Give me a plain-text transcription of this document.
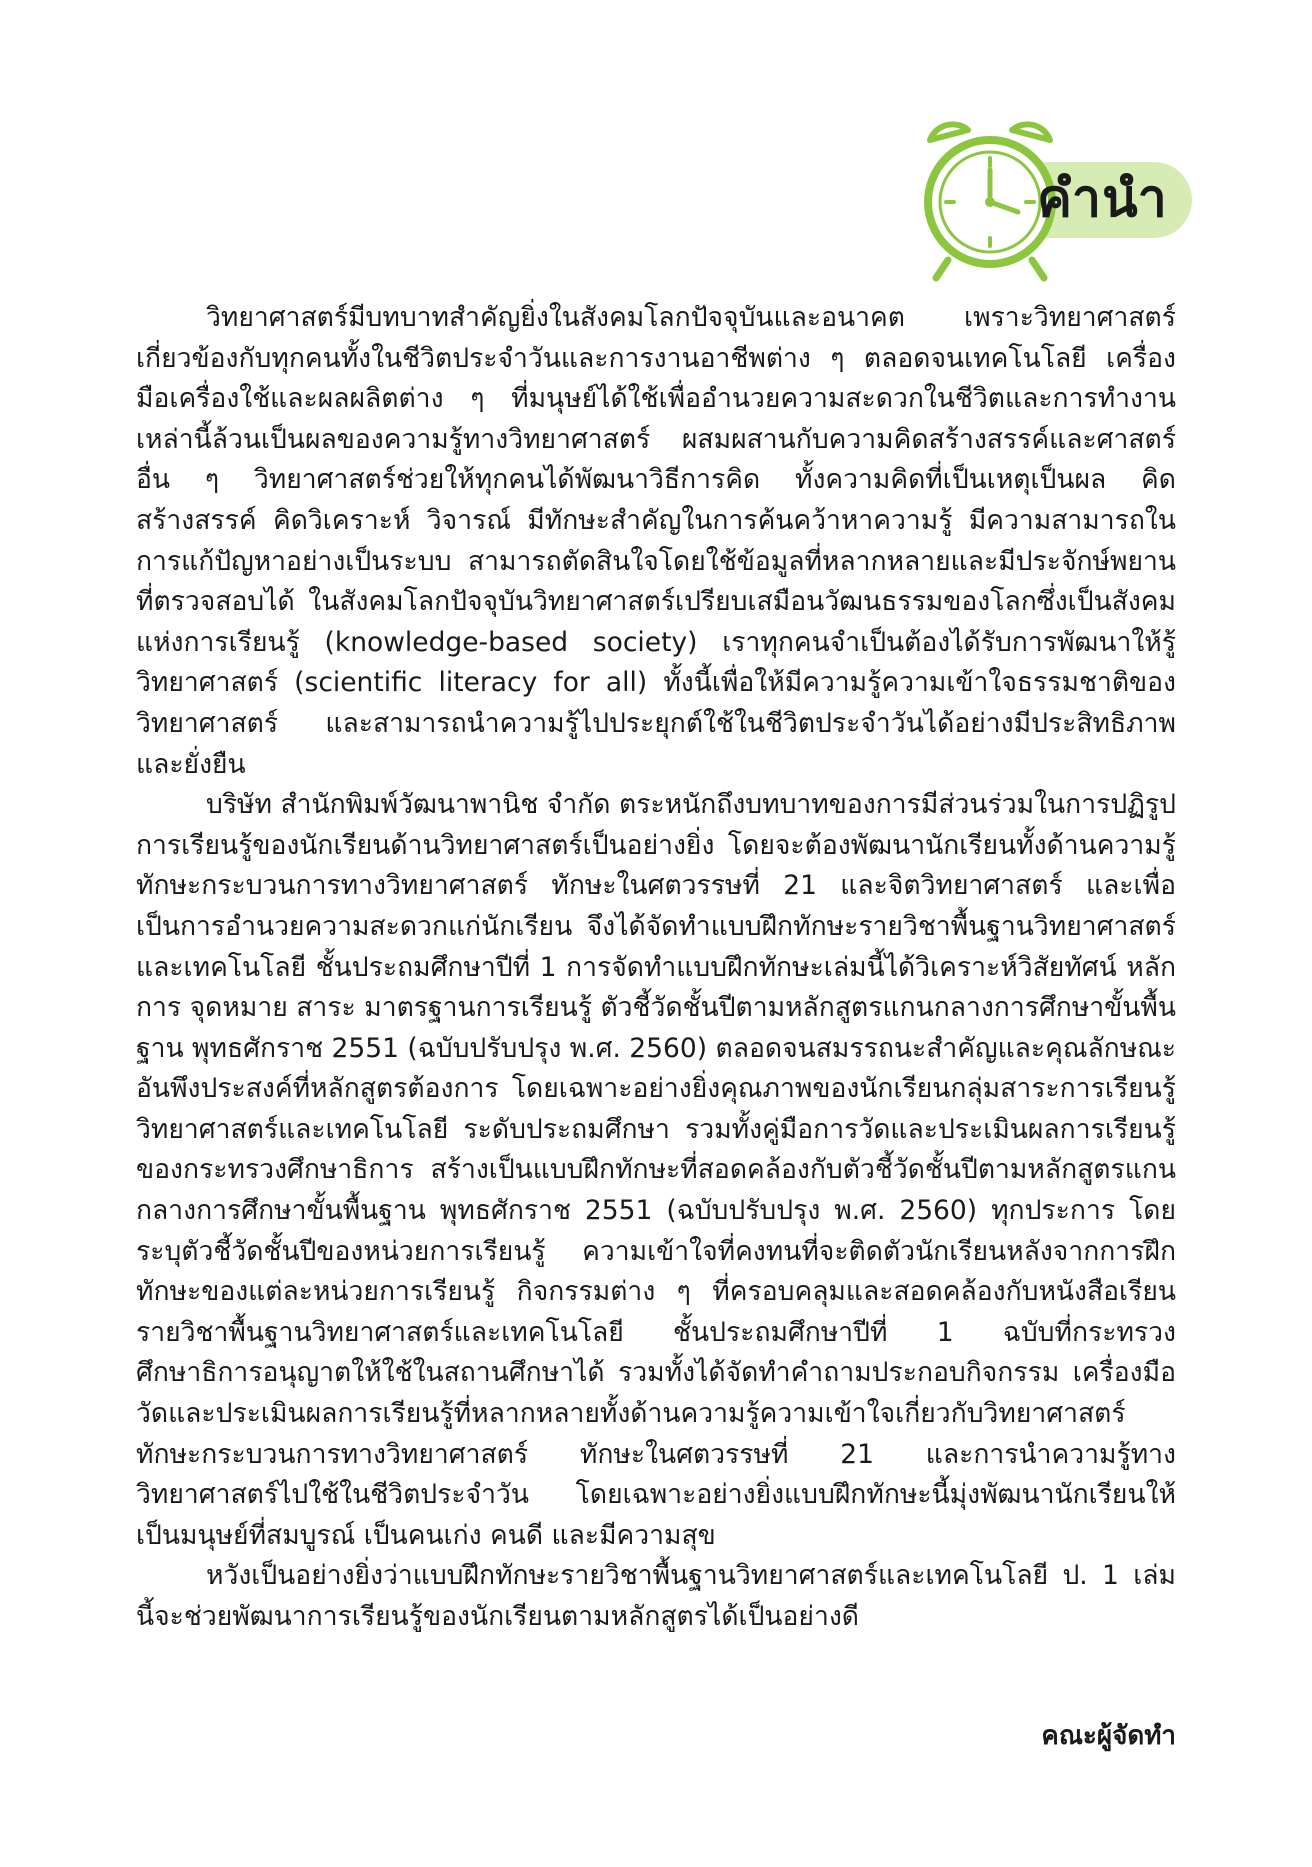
คำนำ

วิทยาศาสตร์มีบทบาทสำคัญยิ่งในสังคมโลกปัจจุบันและอนาคต เพราะวิทยาศาสตร์เกี่ยวข้องกับทุกคนทั้งในชีวิตประจำวันและการงานอาชีพต่าง ๆ ตลอดจนเทคโนโลยี เครื่องมือเครื่องใช้และผลผลิตต่าง ๆ ที่มนุษย์ได้ใช้เพื่ออำนวยความสะดวกในชีวิตและการทำงานเหล่านี้ล้วนเป็นผลของความรู้ทางวิทยาศาสตร์ ผสมผสานกับความคิดสร้างสรรค์และศาสตร์อื่น ๆ วิทยาศาสตร์ช่วยให้ทุกคนได้พัฒนาวิธีการคิด ทั้งความคิดที่เป็นเหตุเป็นผล คิดสร้างสรรค์ คิดวิเคราะห์ วิจารณ์ มีทักษะสำคัญในการค้นคว้าหาความรู้ มีความสามารถในการแก้ปัญหาอย่างเป็นระบบ สามารถตัดสินใจโดยใช้ข้อมูลที่หลากหลายและมีประจักษ์พยานที่ตรวจสอบได้ ในสังคมโลกปัจจุบันวิทยาศาสตร์เปรียบเสมือนวัฒนธรรมของโลกซึ่งเป็นสังคมแห่งการเรียนรู้ (knowledge-based society) เราทุกคนจำเป็นต้องได้รับการพัฒนาให้รู้วิทยาศาสตร์ (scientific literacy for all) ทั้งนี้เพื่อให้มีความรู้ความเข้าใจธรรมชาติของวิทยาศาสตร์ และสามารถนำความรู้ไปประยุกต์ใช้ในชีวิตประจำวันได้อย่างมีประสิทธิภาพและยั่งยืน

บริษัท สำนักพิมพ์วัฒนาพานิช จำกัด ตระหนักถึงบทบาทของการมีส่วนร่วมในการปฏิรูปการเรียนรู้ของนักเรียนด้านวิทยาศาสตร์เป็นอย่างยิ่ง โดยจะต้องพัฒนานักเรียนทั้งด้านความรู้ ทักษะกระบวนการทางวิทยาศาสตร์ ทักษะในศตวรรษที่ 21 และจิตวิทยาศาสตร์ และเพื่อเป็นการอำนวยความสะดวกแก่นักเรียน จึงได้จัดทำแบบฝึกทักษะรายวิชาพื้นฐานวิทยาศาสตร์และเทคโนโลยี ชั้นประถมศึกษาปีที่ 1 การจัดทำแบบฝึกทักษะเล่มนี้ได้วิเคราะห์วิสัยทัศน์ หลักการ จุดหมาย สาระ มาตรฐานการเรียนรู้ ตัวชี้วัดชั้นปีตามหลักสูตรแกนกลางการศึกษาขั้นพื้นฐาน พุทธศักราช 2551 (ฉบับปรับปรุง พ.ศ. 2560) ตลอดจนสมรรถนะสำคัญและคุณลักษณะอันพึงประสงค์ที่หลักสูตรต้องการ โดยเฉพาะอย่างยิ่งคุณภาพของนักเรียนกลุ่มสาระการเรียนรู้วิทยาศาสตร์และเทคโนโลยี ระดับประถมศึกษา รวมทั้งคู่มือการวัดและประเมินผลการเรียนรู้ของกระทรวงศึกษาธิการ สร้างเป็นแบบฝึกทักษะที่สอดคล้องกับตัวชี้วัดชั้นปีตามหลักสูตรแกนกลางการศึกษาขั้นพื้นฐาน พุทธศักราช 2551 (ฉบับปรับปรุง พ.ศ. 2560) ทุกประการ โดยระบุตัวชี้วัดชั้นปีของหน่วยการเรียนรู้ ความเข้าใจที่คงทนที่จะติดตัวนักเรียนหลังจากการฝึกทักษะของแต่ละหน่วยการเรียนรู้ กิจกรรมต่าง ๆ ที่ครอบคลุมและสอดคล้องกับหนังสือเรียนรายวิชาพื้นฐานวิทยาศาสตร์และเทคโนโลยี ชั้นประถมศึกษาปีที่ 1 ฉบับที่กระทรวงศึกษาธิการอนุญาตให้ใช้ในสถานศึกษาได้ รวมทั้งได้จัดทำคำถามประกอบกิจกรรม เครื่องมือวัดและประเมินผลการเรียนรู้ที่หลากหลายทั้งด้านความรู้ความเข้าใจเกี่ยวกับวิทยาศาสตร์ ทักษะกระบวนการทางวิทยาศาสตร์ ทักษะในศตวรรษที่ 21 และการนำความรู้ทางวิทยาศาสตร์ไปใช้ในชีวิตประจำวัน โดยเฉพาะอย่างยิ่งแบบฝึกทักษะนี้มุ่งพัฒนานักเรียนให้เป็นมนุษย์ที่สมบูรณ์ เป็นคนเก่ง คนดี และมีความสุข

หวังเป็นอย่างยิ่งว่าแบบฝึกทักษะรายวิชาพื้นฐานวิทยาศาสตร์และเทคโนโลยี ป. 1 เล่มนี้จะช่วยพัฒนาการเรียนรู้ของนักเรียนตามหลักสูตรได้เป็นอย่างดี

คณะผู้จัดทำ
